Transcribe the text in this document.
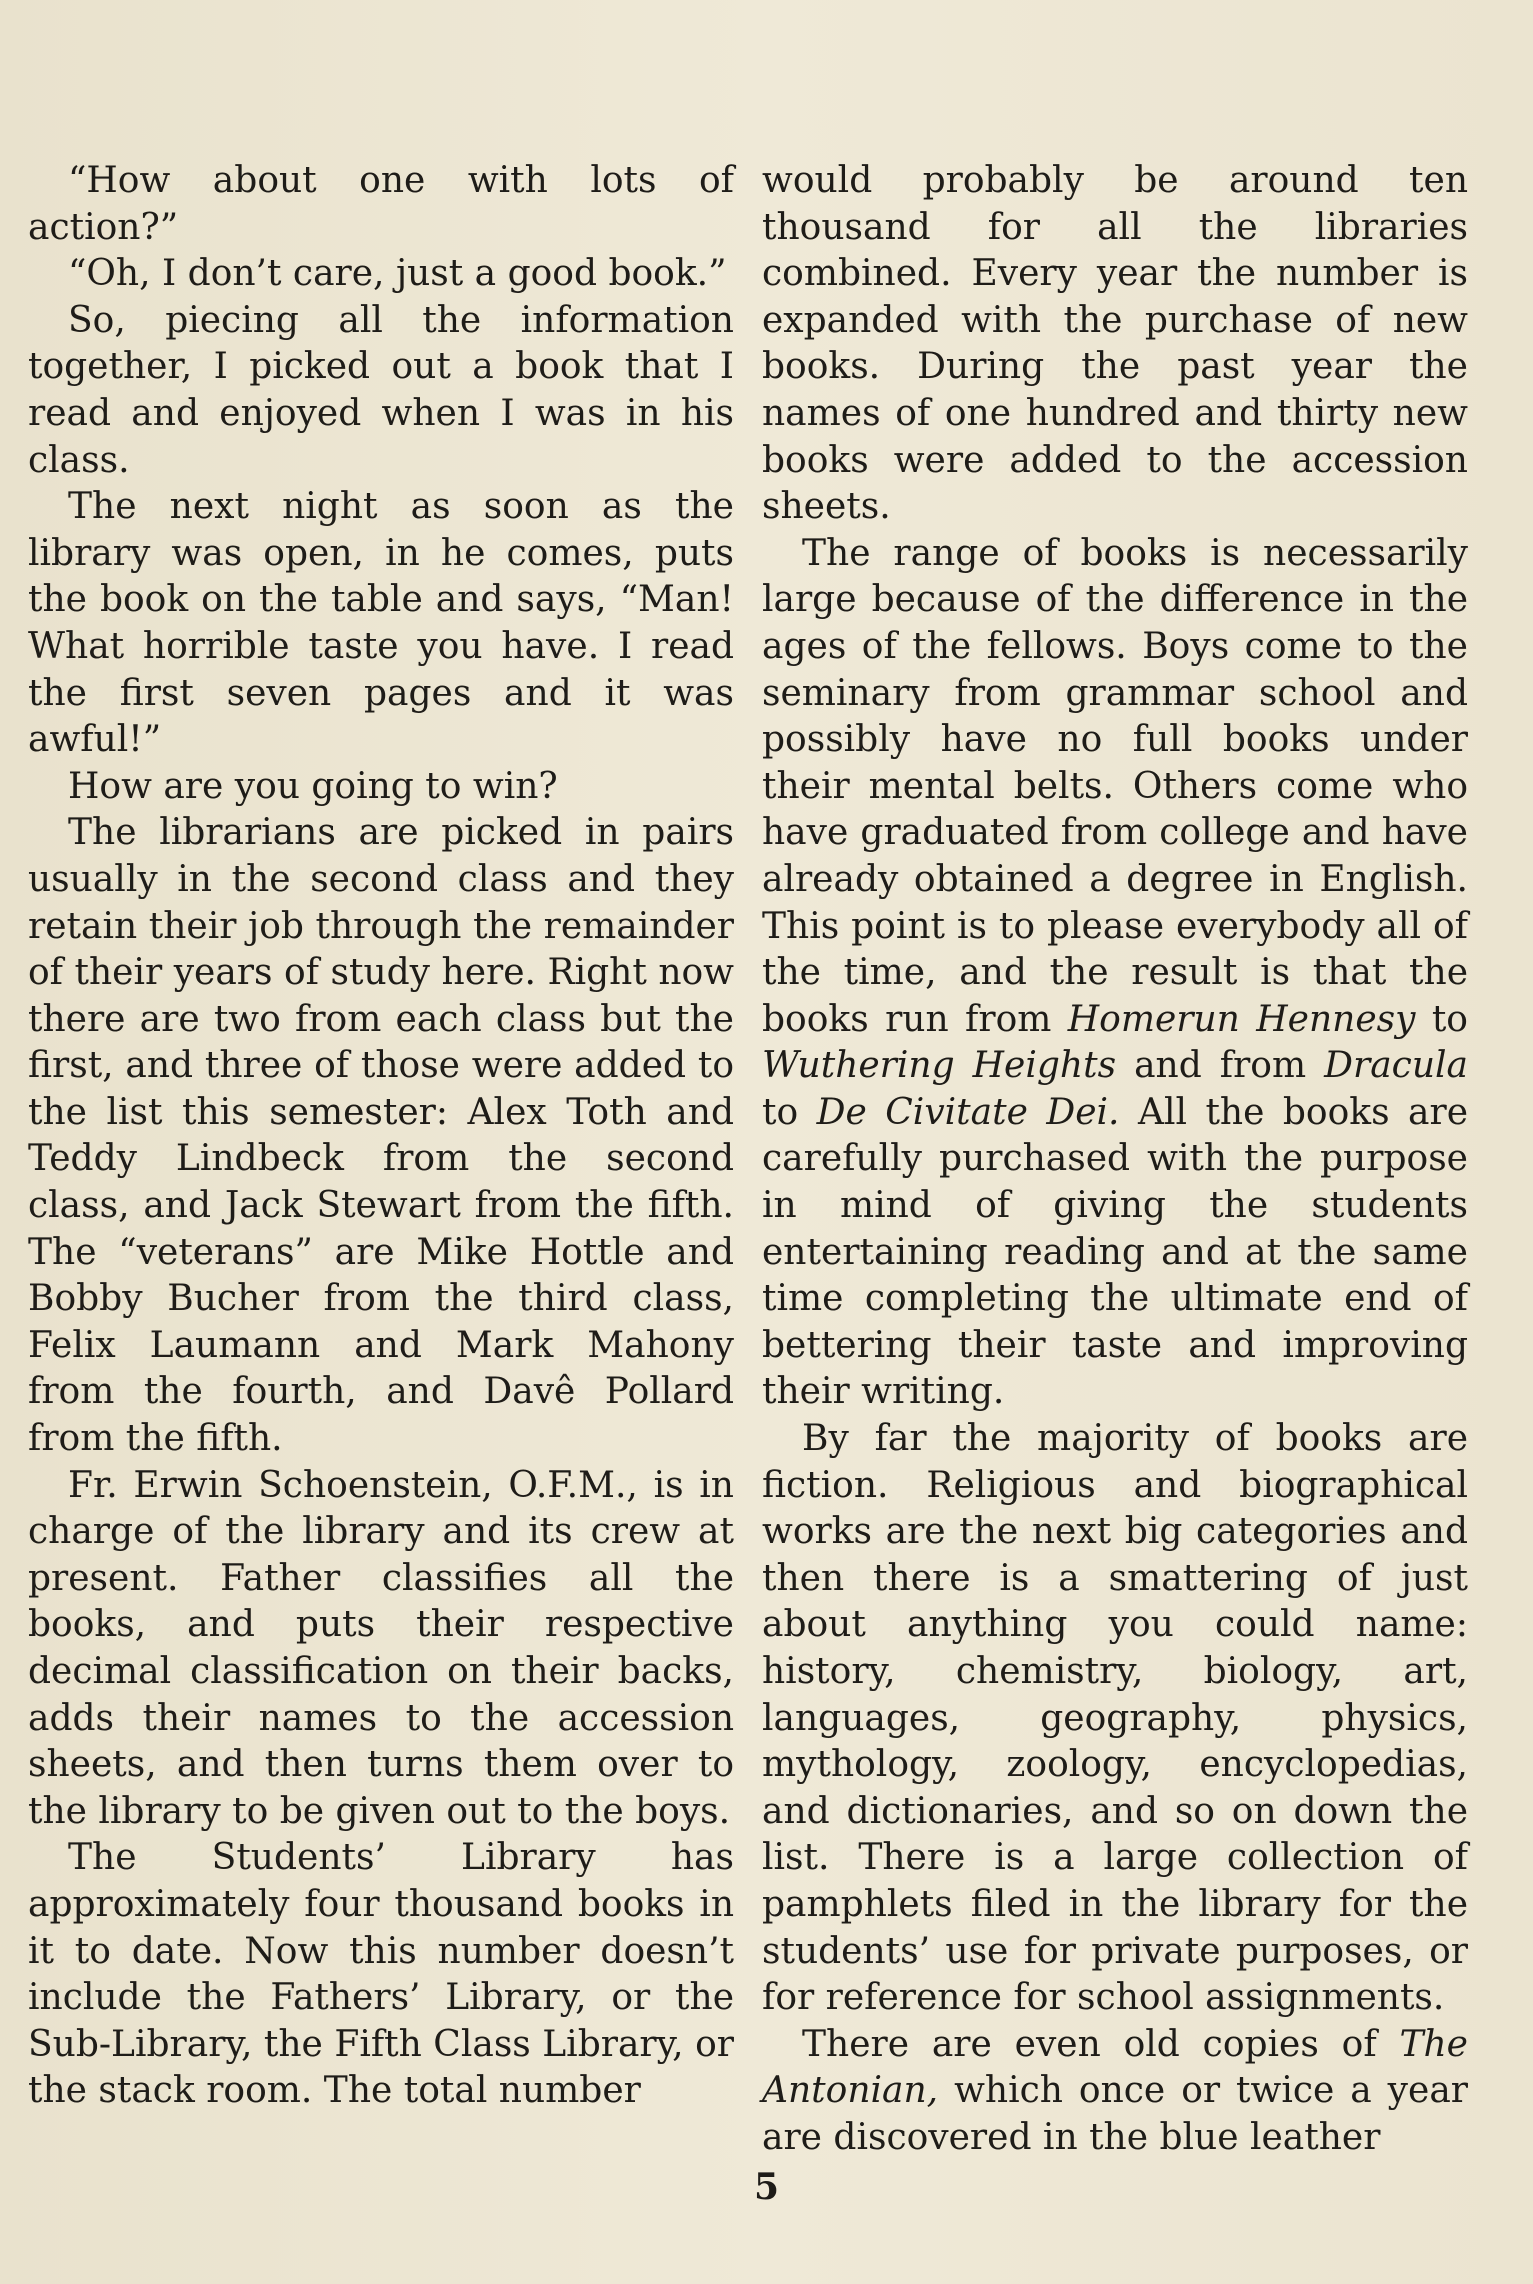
“How about one with lots of action?”

“Oh, I don’t care, just a good book.”

So, piecing all the information together, I picked out a book that I read and enjoyed when I was in his class.

The next night as soon as the library was open, in he comes, puts the book on the table and says, “Man! What horrible taste you have. I read the first seven pages and it was awful!”

How are you going to win?

The librarians are picked in pairs usually in the second class and they retain their job through the remainder of their years of study here. Right now there are two from each class but the first, and three of those were added to the list this semester: Alex Toth and Teddy Lindbeck from the second class, and Jack Stewart from the fifth. The “veterans” are Mike Hottle and Bobby Bucher from the third class, Felix Laumann and Mark Mahony from the fourth, and Davê Pollard from the fifth.

Fr. Erwin Schoenstein, O.F.M., is in charge of the library and its crew at present. Father classifies all the books, and puts their respective decimal classification on their backs, adds their names to the accession sheets, and then turns them over to the library to be given out to the boys.

The Students’ Library has approximately four thousand books in it to date. Now this number doesn’t include the Fathers’ Library, or the Sub-Library, the Fifth Class Library, or the stack room. The total number

would probably be around ten thousand for all the libraries combined. Every year the number is expanded with the purchase of new books. During the past year the names of one hundred and thirty new books were added to the accession sheets.

The range of books is necessarily large because of the difference in the ages of the fellows. Boys come to the seminary from grammar school and possibly have no full books under their mental belts. Others come who have graduated from college and have already obtained a degree in English. This point is to please everybody all of the time, and the result is that the books run from Homerun Hennesy to Wuthering Heights and from Dracula to De Civitate Dei. All the books are carefully purchased with the purpose in mind of giving the students entertaining reading and at the same time completing the ultimate end of bettering their taste and improving their writing.

By far the majority of books are fiction. Religious and biographical works are the next big categories and then there is a smattering of just about anything you could name: history, chemistry, biology, art, languages, geography, physics, mythology, zoology, encyclopedias, and dictionaries, and so on down the list. There is a large collection of pamphlets filed in the library for the students’ use for private purposes, or for reference for school assignments.

There are even old copies of The Antonian, which once or twice a year are discovered in the blue leather

5
